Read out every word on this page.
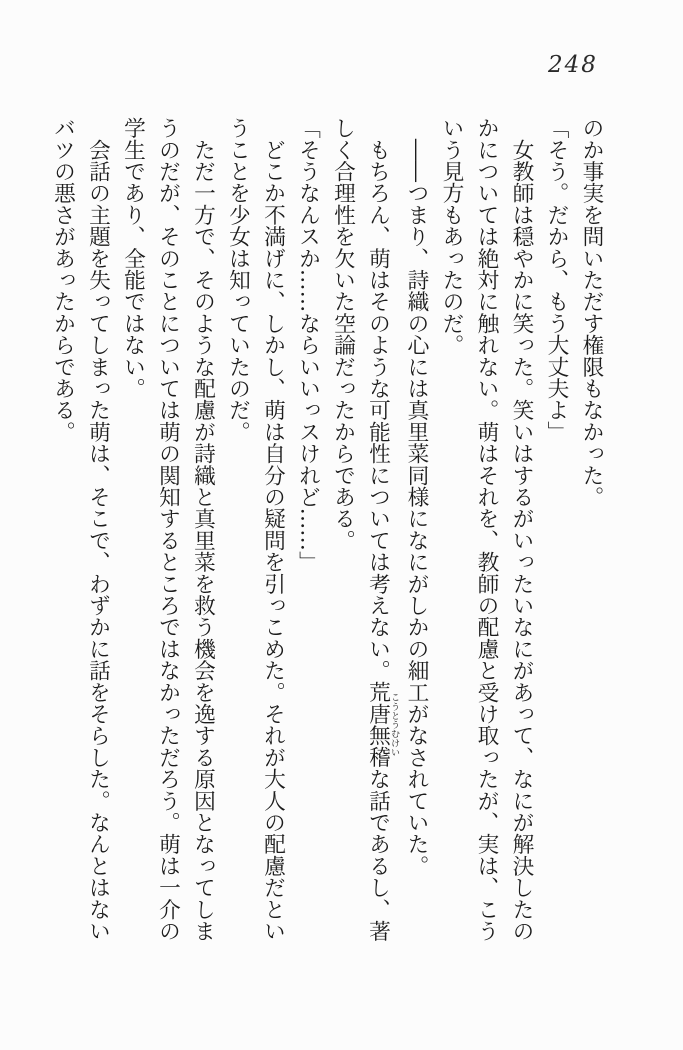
248
のか事実を問いただす権限もなかった。
「そう。だから、もう大丈夫よ」
　女教師は穏やかに笑った。笑いはするがいったいなにがあって、なにが解決したの
かについては絶対に触れない。萌はそれを、教師の配慮と受け取ったが、実は、こう
いう見方もあったのだ。
　――つまり、詩織の心には真里菜同様になにがしかの細工がなされていた。
　もちろん、萌はそのような可能性については考えない。荒唐無稽こうとうむけいな話であるし、著
しく合理性を欠いた空論だったからである。
「そうなんスか……ならいいっスけれど……」
　どこか不満げに、しかし、萌は自分の疑問を引っこめた。それが大人の配慮だとい
うことを少女は知っていたのだ。
　ただ一方で、そのような配慮が詩織と真里菜を救う機会を逸する原因となってしま
うのだが、そのことについては萌の関知するところではなかっただろう。萌は一介の
学生であり、全能ではない。
　会話の主題を失ってしまった萌は、そこで、わずかに話をそらした。なんとはない
バツの悪さがあったからである。
